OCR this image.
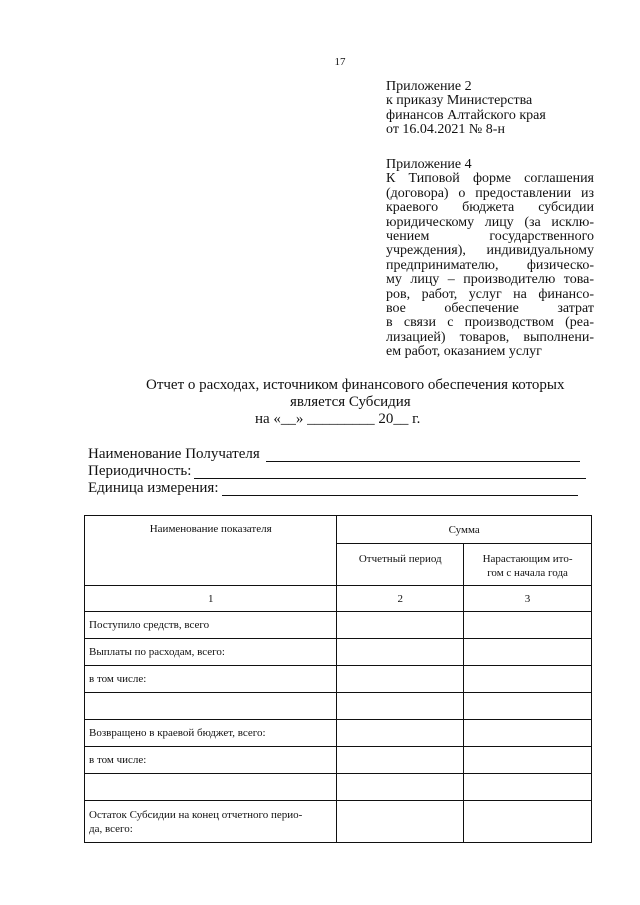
17
Приложение 2
к приказу Министерства
финансов Алтайского края
от 16.04.2021 № 8-н
Приложение 4
К Типовой форме соглашения
(договора) о предоставлении из
краевого бюджета субсидии
юридическому лицу (за исклю-
чением государственного
учреждения), индивидуальному
предпринимателю, физическо-
му лицу – производителю това-
ров, работ, услуг на финансо-
вое обеспечение затрат
в связи с производством (реа-
лизацией) товаров, выполнени-
ем работ, оказанием услуг
Отчет о расходах, источником финансового обеспечения которых
является Субсидия
на «__» _________ 20__ г.
Наименование Получателя
Периодичность:
Единица измерения:
Наименование показателя	Сумма	
	Отчетный период	Нарастающим ито-
гом с начала года
1	2	3
Поступило средств, всего		
Выплаты по расходам, всего:		
в том числе:		

Возвращено в краевой бюджет, всего:		
в том числе:		

Остаток Субсидии на конец отчетного перио-
да, всего:		
